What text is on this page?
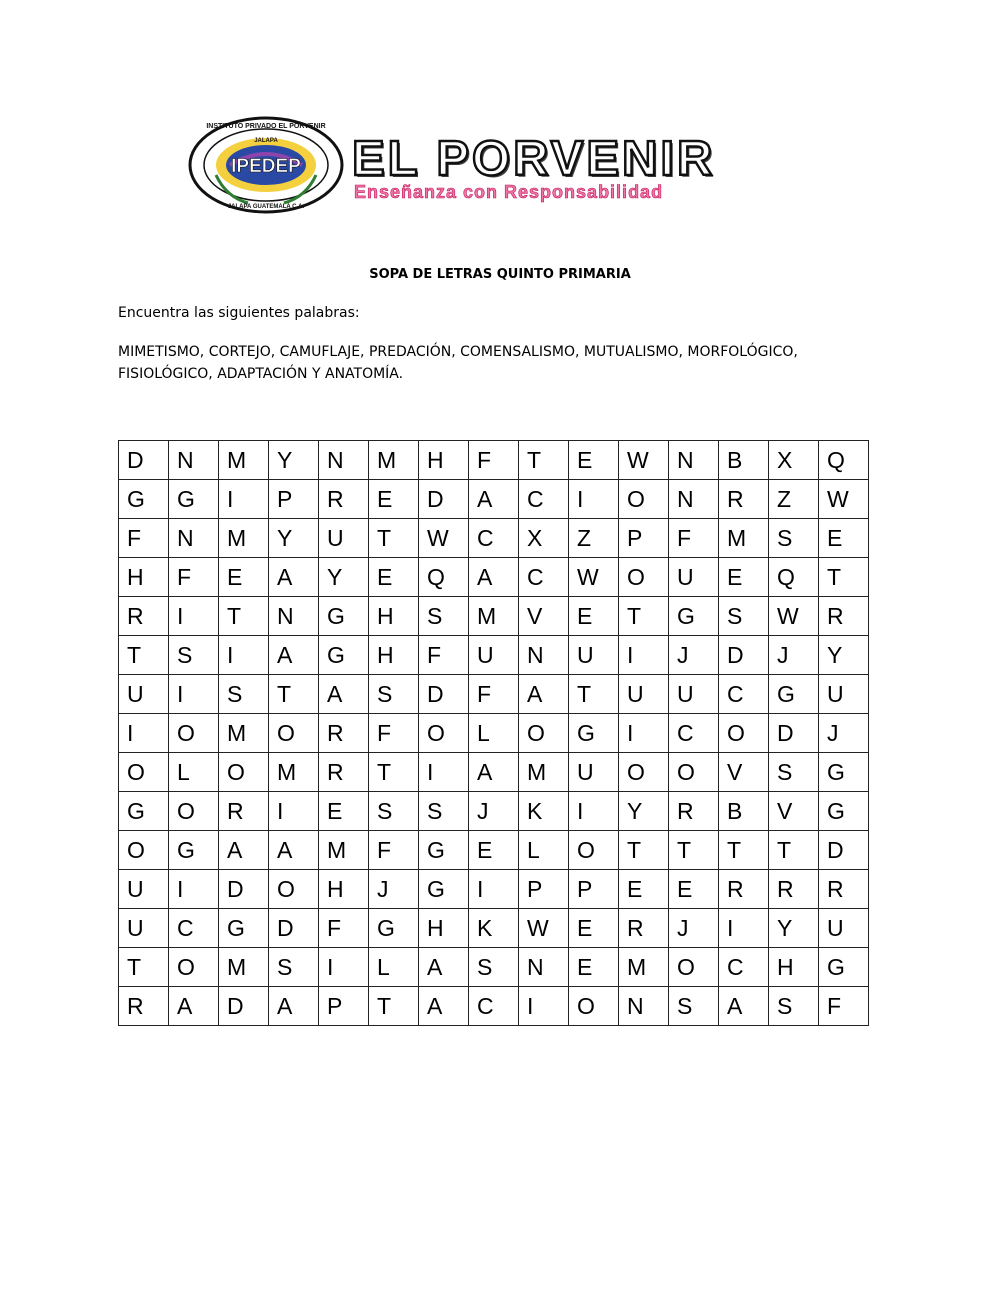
IPEDEP
INSTITUTO PRIVADO EL PORVENIR
JALAPA
JALAPA GUATEMALA C.A.
EL PORVENIR
Enseñanza con Responsabilidad
SOPA DE LETRAS QUINTO PRIMARIA
Encuentra las siguientes palabras:
MIMETISMO, CORTEJO, CAMUFLAJE, PREDACIÓN, COMENSALISMO, MUTUALISMO, MORFOLÓGICO,
FISIOLÓGICO, ADAPTACIÓN Y ANATOMÍA.
D	N	M	Y	N	M	H	F	T	E	W	N	B	X	Q
G	G	I	P	R	E	D	A	C	I	O	N	R	Z	W
F	N	M	Y	U	T	W	C	X	Z	P	F	M	S	E
H	F	E	A	Y	E	Q	A	C	W	O	U	E	Q	T
R	I	T	N	G	H	S	M	V	E	T	G	S	W	R
T	S	I	A	G	H	F	U	N	U	I	J	D	J	Y
U	I	S	T	A	S	D	F	A	T	U	U	C	G	U
I	O	M	O	R	F	O	L	O	G	I	C	O	D	J
O	L	O	M	R	T	I	A	M	U	O	O	V	S	G
G	O	R	I	E	S	S	J	K	I	Y	R	B	V	G
O	G	A	A	M	F	G	E	L	O	T	T	T	T	D
U	I	D	O	H	J	G	I	P	P	E	E	R	R	R
U	C	G	D	F	G	H	K	W	E	R	J	I	Y	U
T	O	M	S	I	L	A	S	N	E	M	O	C	H	G
R	A	D	A	P	T	A	C	I	O	N	S	A	S	F
